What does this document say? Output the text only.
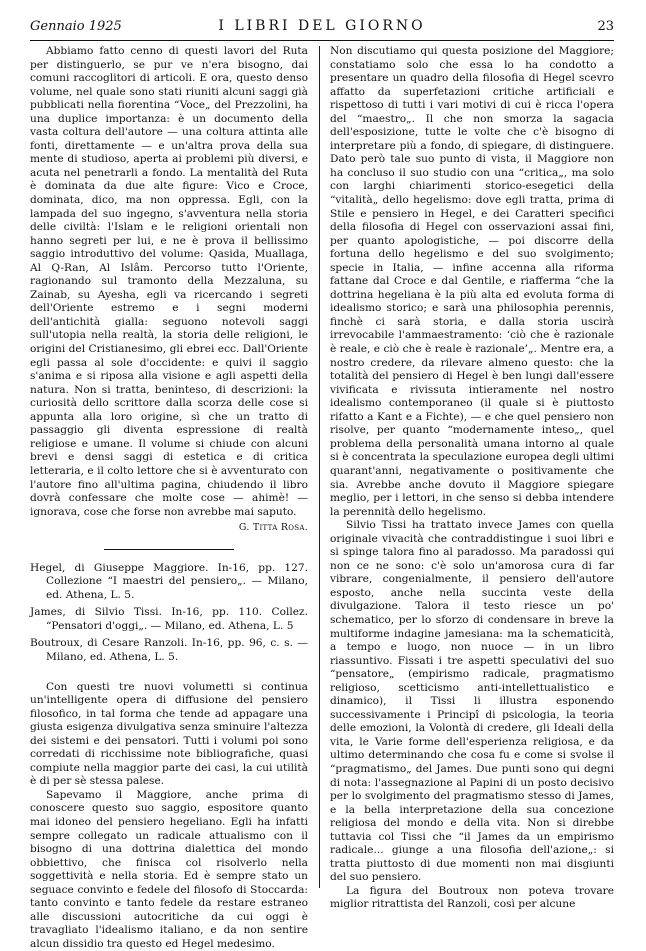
Gennaio 1925	I LIBRI DEL GIORNO	23

Abbiamo fatto cenno di questi lavori del Ruta per distinguerlo, se pur ve n'era bisogno, dai comuni raccoglitori di articoli. E ora, questo denso volume, nel quale sono stati riuniti alcuni saggi già pubblicati nella fiorentina “Voce„ del Prezzolini, ha una duplice importanza: è un documento della vasta coltura dell'autore — una coltura attinta alle fonti, direttamente — e un'altra prova della sua mente di studioso, aperta ai problemi più diversi, e acuta nel penetrarli a fondo. La mentalità del Ruta è dominata da due alte figure: Vico e Croce, dominata, dico, ma non oppressa. Egli, con la lampada del suo ingegno, s'avventura nella storia delle civiltà: l'Islam e le religioni orientali non hanno segreti per lui, e ne è prova il bellissimo saggio introduttivo del volume: Qasida, Muallaga, Al Q-Ran, Al Islâm. Percorso tutto l'Oriente, ragionando sul tramonto della Mezzaluna, su Zainab, su Ayesha, egli va ricercando i segreti dell'Oriente estremo e i segni moderni dell'antichità gialla: seguono notevoli saggi sull'utopia nella realtà, la storia delle religioni, le origini del Cristianesimo, gli ebrei ecc. Dall'Oriente egli passa al sole d'occidente: e quivi il saggio s'anima e si riposa alla visione e agli aspetti della natura. Non si tratta, beninteso, di descrizioni: la curiosità dello scrittore dalla scorza delle cose si appunta alla loro origine, sì che un tratto di passaggio gli diventa espressione di realtà religiose e umane. Il volume si chiude con alcuni brevi e densi saggi di estetica e di critica letteraria, e il colto lettore che si è avventurato con l'autore fino all'ultima pagina, chiudendo il libro dovrà confessare che molte cose — ahimè! — ignorava, cose che forse non avrebbe mai saputo.

G. Titta Rosa.

Hegel, di Giuseppe Maggiore. In-16, pp. 127. Collezione “I maestri del pensiero„. — Milano, ed. Athena, L. 5.

James, di Silvio Tissi. In-16, pp. 110. Collez. “Pensatori d'oggi„. — Milano, ed. Athena, L. 5

Boutroux, di Cesare Ranzoli. In-16, pp. 96, c. s. — Milano, ed. Athena, L. 5.

Con questi tre nuovi volumetti si continua un'intelligente opera di diffusione del pensiero filosofico, in tal forma che tende ad appagare una giusta esigenza divulgativa senza sminuire l'altezza dei sistemi e dei pensatori. Tutti i volumi poi sono corredati di ricchissime note bibliografiche, quasi compiute nella maggior parte dei casi, la cui utilità è di per sè stessa palese.

Sapevamo il Maggiore, anche prima di conoscere questo suo saggio, espositore quanto mai idoneo del pensiero hegeliano. Egli ha infatti sempre collegato un radicale attualismo con il bisogno di una dottrina dialettica del mondo obbiettivo, che finisca col risolverlo nella soggettività e nella storia. Ed è sempre stato un seguace convinto e fedele del filosofo di Stoccarda: tanto convinto e tanto fedele da restare estraneo alle discussioni autocritiche da cui oggi è travagliato l'idealismo italiano, e da non sentire alcun dissidio tra questo ed Hegel medesimo.

Non discutiamo qui questa posizione del Maggiore; constatiamo solo che essa lo ha condotto a presentare un quadro della filosofia di Hegel scevro affatto da superfetazioni critiche artificiali e rispettoso di tutti i vari motivi di cui è ricca l'opera del “maestro„. Il che non smorza la sagacia dell'esposizione, tutte le volte che c'è bisogno di interpretare più a fondo, di spiegare, di distinguere. Dato però tale suo punto di vista, il Maggiore non ha concluso il suo studio con una “critica„, ma solo con larghi chiarimenti storico-esegetici della “vitalità„ dello hegelismo: dove egli tratta, prima di Stile e pensiero in Hegel, e dei Caratteri specifici della filosofia di Hegel con osservazioni assai fini, per quanto apologistiche, — poi discorre della fortuna dello hegelismo e del suo svolgimento; specie in Italia, — infine accenna alla riforma fattane dal Croce e dal Gentile, e riafferma “che la dottrina hegeliana è la più alta ed evoluta forma di idealismo storico; e sarà una philosophia perennis, finchè ci sarà storia, e dalla storia uscirà irrevocabile l'ammaestramento: ‘ciò che è razionale è reale, e ciò che è reale è razionale’„. Mentre era, a nostro credere, da rilevare almeno questo: che la totalità del pensiero di Hegel è ben lungi dall'essere vivificata e rivissuta intieramente nel nostro idealismo contemporaneo (il quale si è piuttosto rifatto a Kant e a Fichte), — e che quel pensiero non risolve, per quanto “modernamente inteso„, quel problema della personalità umana intorno al quale si è concentrata la speculazione europea degli ultimi quarant'anni, negativamente o positivamente che sia. Avrebbe anche dovuto il Maggiore spiegare meglio, per i lettori, in che senso si debba intendere la perennità dello hegelismo.

Silvio Tissi ha trattato invece James con quella originale vivacità che contraddistingue i suoi libri e si spinge talora fino al paradosso. Ma paradossi qui non ce ne sono: c'è solo un'amorosa cura di far vibrare, congenialmente, il pensiero dell'autore esposto, anche nella succinta veste della divulgazione. Talora il testo riesce un po' schematico, per lo sforzo di condensare in breve la multiforme indagine jamesiana: ma la schematicità, a tempo e luogo, non nuoce — in un libro riassuntivo. Fissati i tre aspetti speculativi del suo “pensatore„ (empirismo radicale, pragmatismo religioso, scetticismo anti-intellettualistico e dinamico), il Tissi li illustra esponendo successivamente i Principî di psicologia, la teoria delle emozioni, la Volontà di credere, gli Ideali della vita, le Varie forme dell'esperienza religiosa, e da ultimo determinando che cosa fu e come si svolse il “pragmatismo„ del James. Due punti sono qui degni di nota: l'assegnazione al Papini di un posto decisivo per lo svolgimento del pragmatismo stesso di James, e la bella interpretazione della sua concezione religiosa del mondo e della vita. Non si direbbe tuttavia col Tissi che “il James da un empirismo radicale... giunge a una filosofia dell'azione„: si tratta piuttosto di due momenti non mai disgiunti del suo pensiero.

La figura del Boutroux non poteva trovare miglior ritrattista del Ranzoli, così per alcune
